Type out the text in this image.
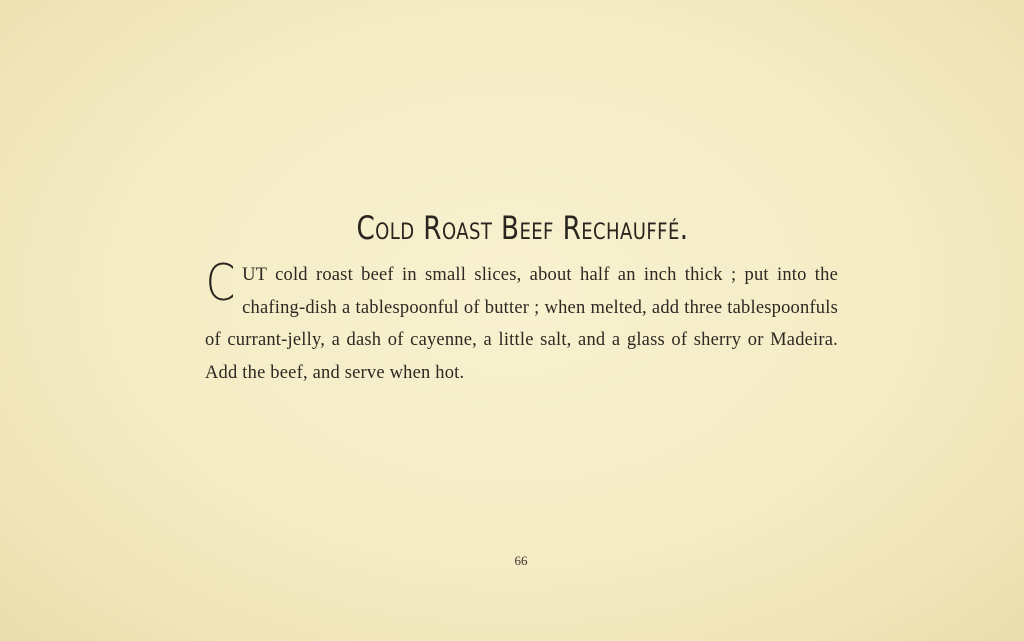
Cold Roast Beef Rechauffé.
C UT cold roast beef in small slices, about half an inch thick ; put into the chafing-dish a tablespoonful of butter ; when melted, add three tablespoonfuls of currant-jelly, a dash of cayenne, a little salt, and a glass of sherry or Madeira. Add the beef, and serve when hot.
66
